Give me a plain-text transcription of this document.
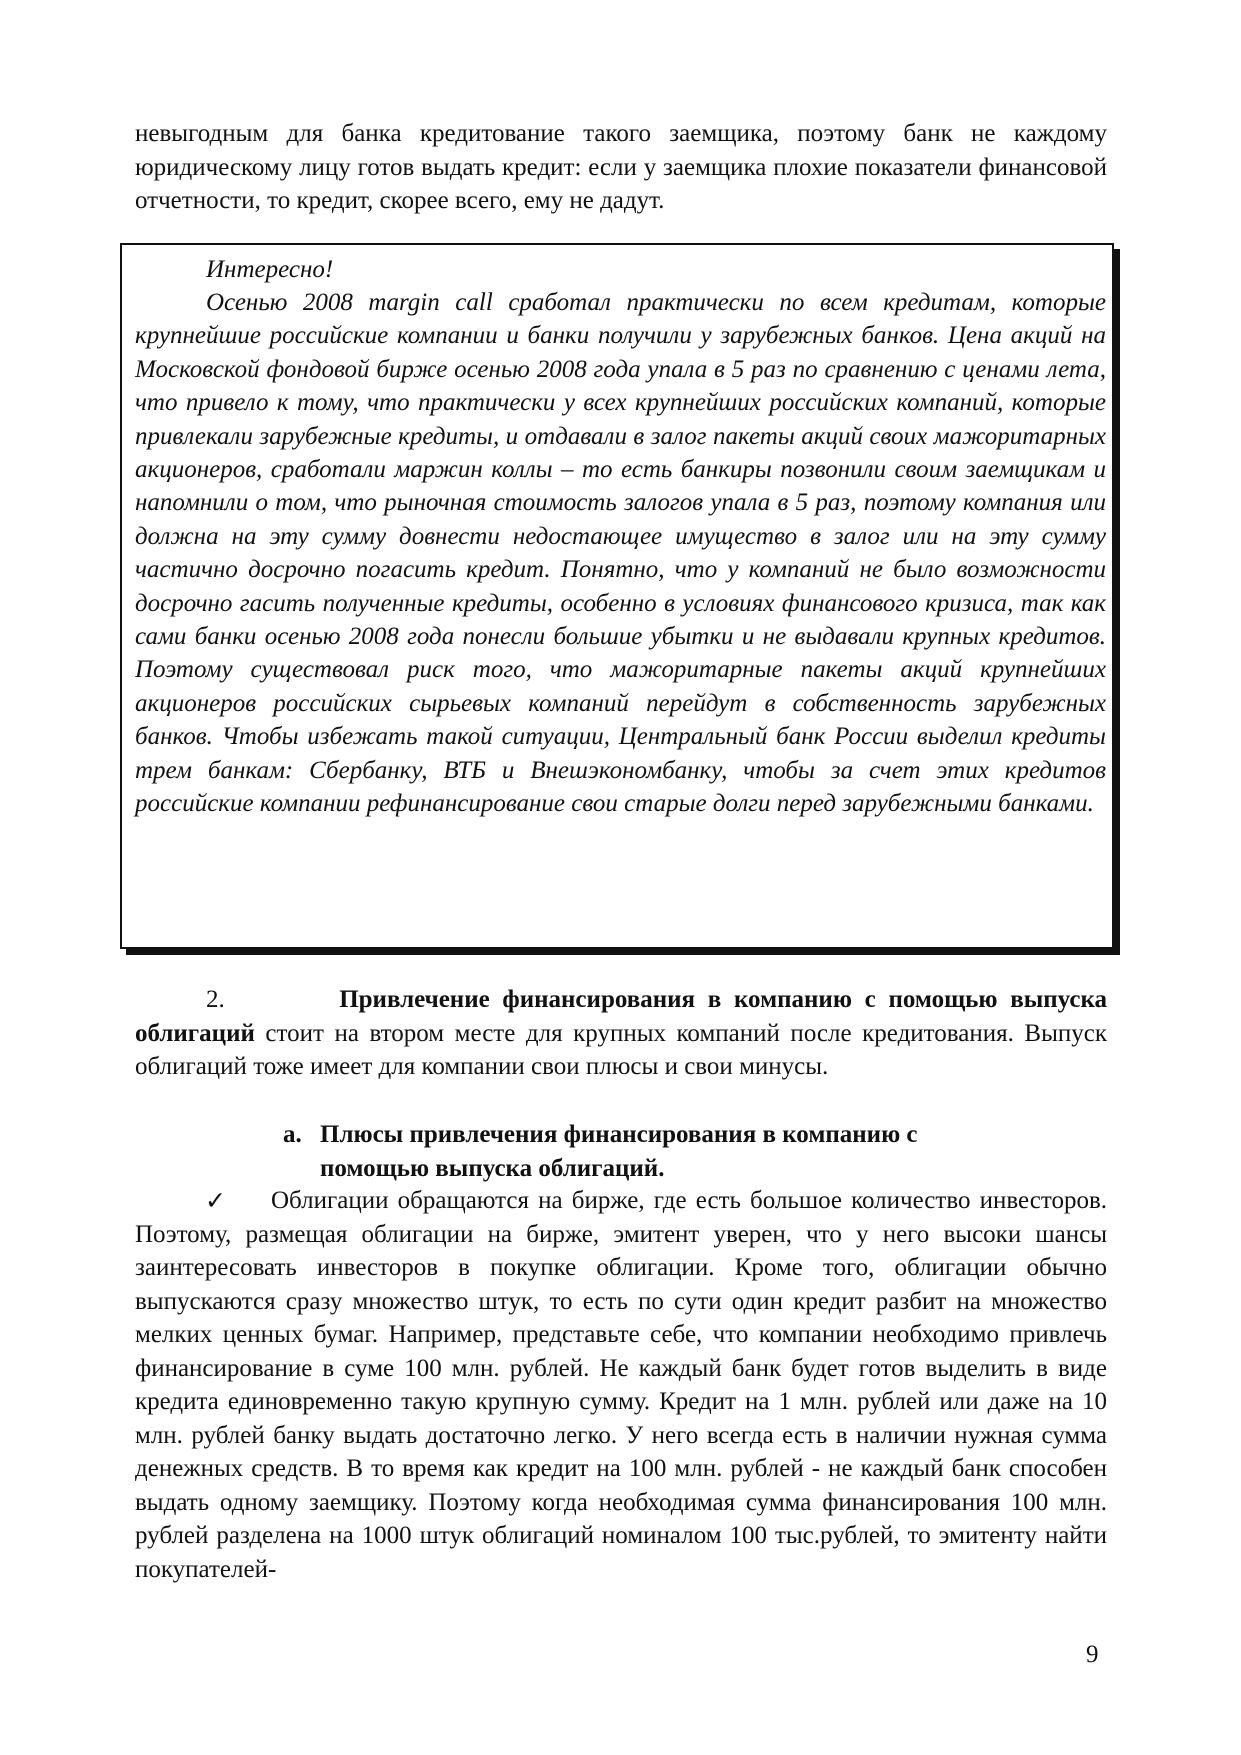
невыгодным для банка кредитование такого заемщика, поэтому банк не каждому юридическому лицу готов выдать кредит: если у заемщика плохие показатели финансовой отчетности, то кредит, скорее всего, ему не дадут.

Интересно!

Осенью 2008 margin call сработал практически по всем кредитам, которые крупнейшие российские компании и банки получили у зарубежных банков. Цена акций на Московской фондовой бирже осенью 2008 года упала в 5 раз по сравнению с ценами лета, что привело к тому, что практически у всех крупнейших российских компаний, которые привлекали зарубежные кредиты, и отдавали в залог пакеты акций своих мажоритарных акционеров, сработали маржин коллы – то есть банкиры позвонили своим заемщикам и напомнили о том, что рыночная стоимость залогов упала в 5 раз, поэтому компания или должна на эту сумму довнести недостающее имущество в залог или на эту сумму частично досрочно погасить кредит. Понятно, что у компаний не было возможности досрочно гасить полученные кредиты, особенно в условиях финансового кризиса, так как сами банки осенью 2008 года понесли большие убытки и не выдавали крупных кредитов. Поэтому существовал риск того, что мажоритарные пакеты акций крупнейших акционеров российских сырьевых компаний перейдут в собственность зарубежных банков. Чтобы избежать такой ситуации, Центральный банк России выделил кредиты трем банкам: Сбербанку, ВТБ и Внешэкономбанку, чтобы за счет этих кредитов российские компании рефинансирование свои старые долги перед зарубежными банками.

2.	Привлечение финансирования в компанию с помощью выпуска облигаций стоит на втором месте для крупных компаний после кредитования. Выпуск облигаций тоже имеет для компании свои плюсы и свои минусы.

a. Плюсы привлечения финансирования в компанию с
помощью выпуска облигаций.

✓	Облигации обращаются на бирже, где есть большое количество инвесторов. Поэтому, размещая облигации на бирже, эмитент уверен, что у него высоки шансы заинтересовать инвесторов в покупке облигации. Кроме того, облигации обычно выпускаются сразу множество штук, то есть по сути один кредит разбит на множество мелких ценных бумаг. Например, представьте себе, что компании необходимо привлечь финансирование в суме 100 млн. рублей. Не каждый банк будет готов выделить в виде кредита единовременно такую крупную сумму. Кредит на 1 млн. рублей или даже на 10 млн. рублей банку выдать достаточно легко. У него всегда есть в наличии нужная сумма денежных средств. В то время как кредит на 100 млн. рублей - не каждый банк способен выдать одному заемщику. Поэтому когда необходимая сумма финансирования 100 млн. рублей разделена на 1000 штук облигаций номиналом 100 тыс.рублей, то эмитенту найти покупателей-

9
